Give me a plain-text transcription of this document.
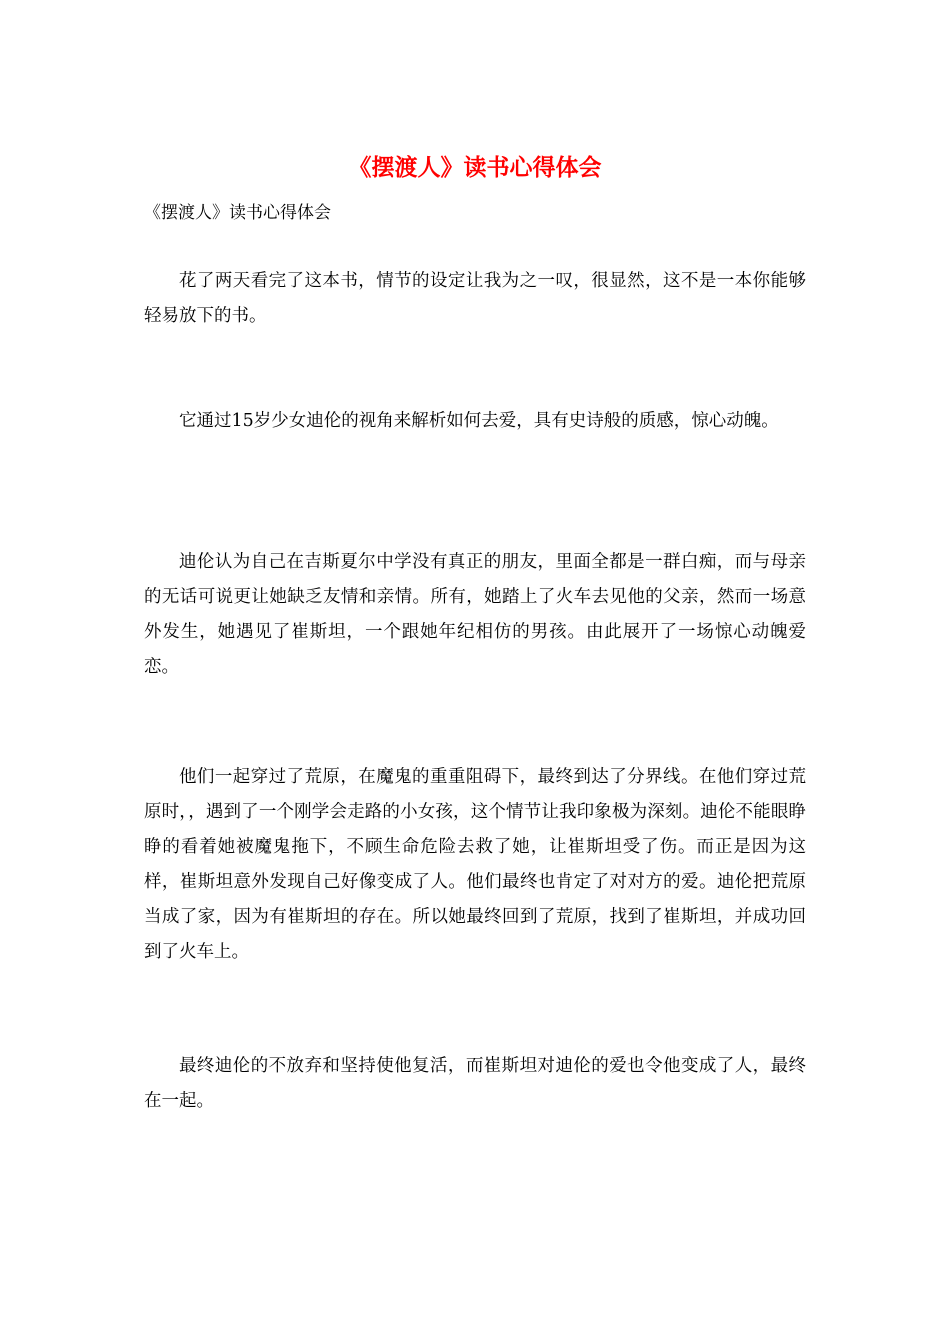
《摆渡人》读书心得体会

《摆渡人》读书心得体会

花了两天看完了这本书，情节的设定让我为之一叹，很显然，这不是一本你能够轻易放下的书。

它通过15岁少女迪伦的视角来解析如何去爱，具有史诗般的质感，惊心动魄。

迪伦认为自己在吉斯夏尔中学没有真正的朋友，里面全都是一群白痴，而与母亲的无话可说更让她缺乏友情和亲情。所有，她踏上了火车去见他的父亲，然而一场意外发生，她遇见了崔斯坦，一个跟她年纪相仿的男孩。由此展开了一场惊心动魄爱恋。

他们一起穿过了荒原，在魔鬼的重重阻碍下，最终到达了分界线。在他们穿过荒原时，，遇到了一个刚学会走路的小女孩，这个情节让我印象极为深刻。迪伦不能眼睁睁的看着她被魔鬼拖下，不顾生命危险去救了她，让崔斯坦受了伤。而正是因为这样，崔斯坦意外发现自己好像变成了人。他们最终也肯定了对对方的爱。迪伦把荒原当成了家，因为有崔斯坦的存在。所以她最终回到了荒原，找到了崔斯坦，并成功回到了火车上。

最终迪伦的不放弃和坚持使他复活，而崔斯坦对迪伦的爱也令他变成了人，最终在一起。
